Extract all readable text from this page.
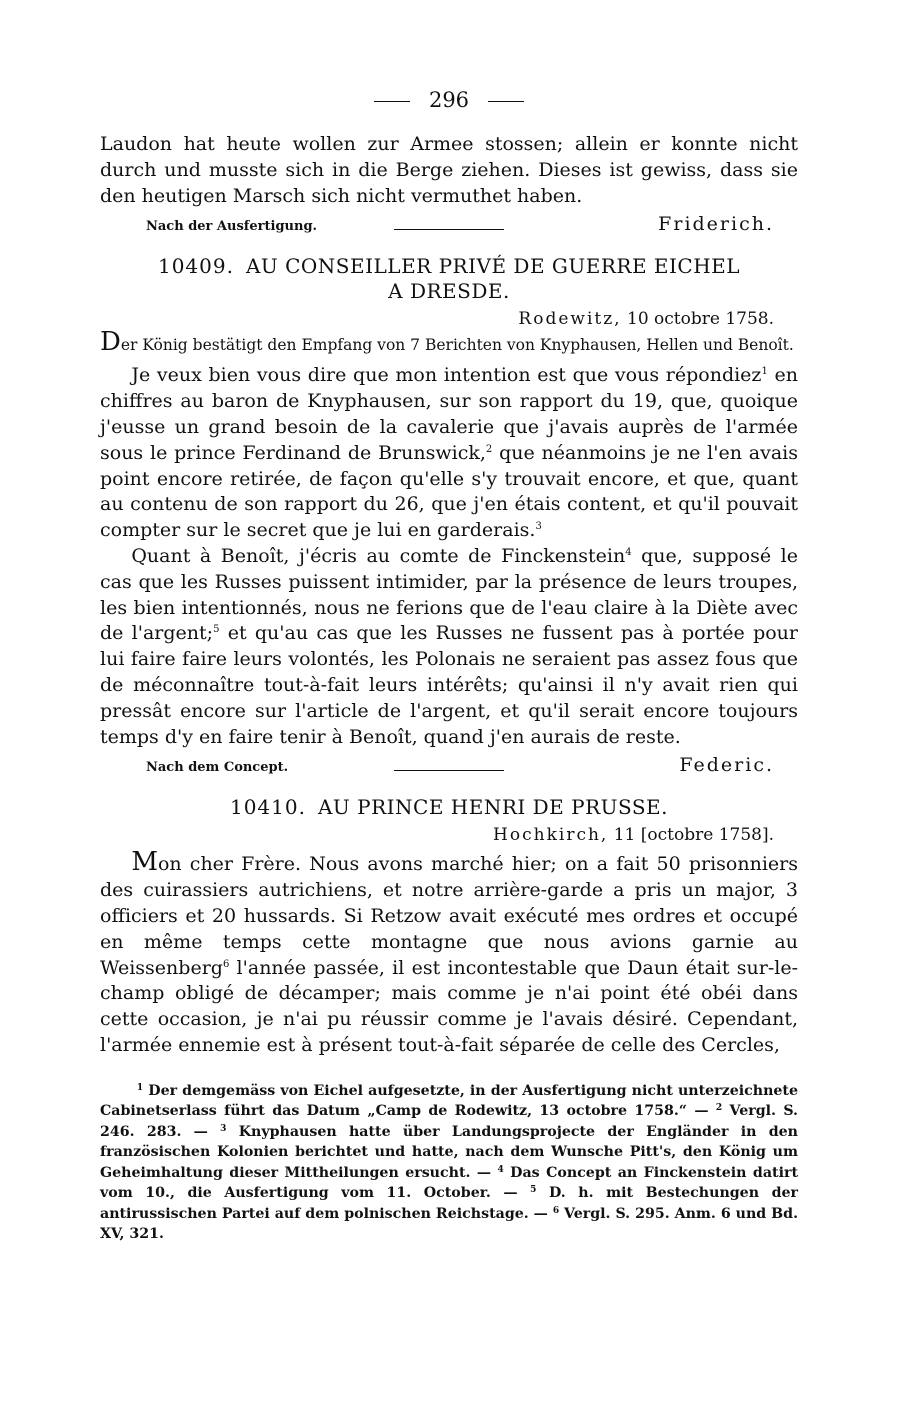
296

Laudon hat heute wollen zur Armee stossen; allein er konnte nicht durch und musste sich in die Berge ziehen. Dieses ist gewiss, dass sie den heutigen Marsch sich nicht vermuthet haben.

Nach der Ausfertigung.	Friderich.
10409. AU CONSEILLER PRIVÉ DE GUERRE EICHEL
A DRESDE.
Rodewitz, 10 octobre 1758.

Der König bestätigt den Empfang von 7 Berichten von Knyphausen, Hellen und Benoît.

Je veux bien vous dire que mon intention est que vous répondiez$^1$ en chiffres au baron de Knyphausen, sur son rapport du 19, que, quoique j'eusse un grand besoin de la cavalerie que j'avais auprès de l'armée sous le prince Ferdinand de Brunswick,$^2$ que néanmoins je ne l'en avais point encore retirée, de façon qu'elle s'y trouvait encore, et que, quant au contenu de son rapport du 26, que j'en étais content, et qu'il pouvait compter sur le secret que je lui en garderais.$^3$

Quant à Benoît, j'écris au comte de Finckenstein$^4$ que, supposé le cas que les Russes puissent intimider, par la présence de leurs troupes, les bien intentionnés, nous ne ferions que de l'eau claire à la Diète avec de l'argent;$^5$ et qu'au cas que les Russes ne fussent pas à portée pour lui faire faire leurs volontés, les Polonais ne seraient pas assez fous que de méconnaître tout-à-fait leurs intérêts; qu'ainsi il n'y avait rien qui pressât encore sur l'article de l'argent, et qu'il serait encore toujours temps d'y en faire tenir à Benoît, quand j'en aurais de reste.

Nach dem Concept.	Federic.
10410. AU PRINCE HENRI DE PRUSSE.
Hochkirch, 11 [octobre 1758].

Mon cher Frère. Nous avons marché hier; on a fait 50 prisonniers des cuirassiers autrichiens, et notre arrière-garde a pris un major, 3 officiers et 20 hussards. Si Retzow avait exécuté mes ordres et occupé en même temps cette montagne que nous avions garnie au Weissenberg$^6$ l'année passée, il est incontestable que Daun était sur-le-champ obligé de décamper; mais comme je n'ai point été obéi dans cette occasion, je n'ai pu réussir comme je l'avais désiré. Cependant, l'armée ennemie est à présent tout-à-fait séparée de celle des Cercles,

$^1$ Der demgemäss von Eichel aufgesetzte, in der Ausfertigung nicht unterzeichnete Cabinetserlass führt das Datum „Camp de Rodewitz, 13 octobre 1758.“ — $^2$ Vergl. S. 246. 283. — $^3$ Knyphausen hatte über Landungsprojecte der Engländer in den französischen Kolonien berichtet und hatte, nach dem Wunsche Pitt's, den König um Geheimhaltung dieser Mittheilungen ersucht. — $^4$ Das Concept an Finckenstein datirt vom 10., die Ausfertigung vom 11. October. — $^5$ D. h. mit Bestechungen der antirussischen Partei auf dem polnischen Reichstage. — $^6$ Vergl. S. 295. Anm. 6 und Bd. XV, 321.
